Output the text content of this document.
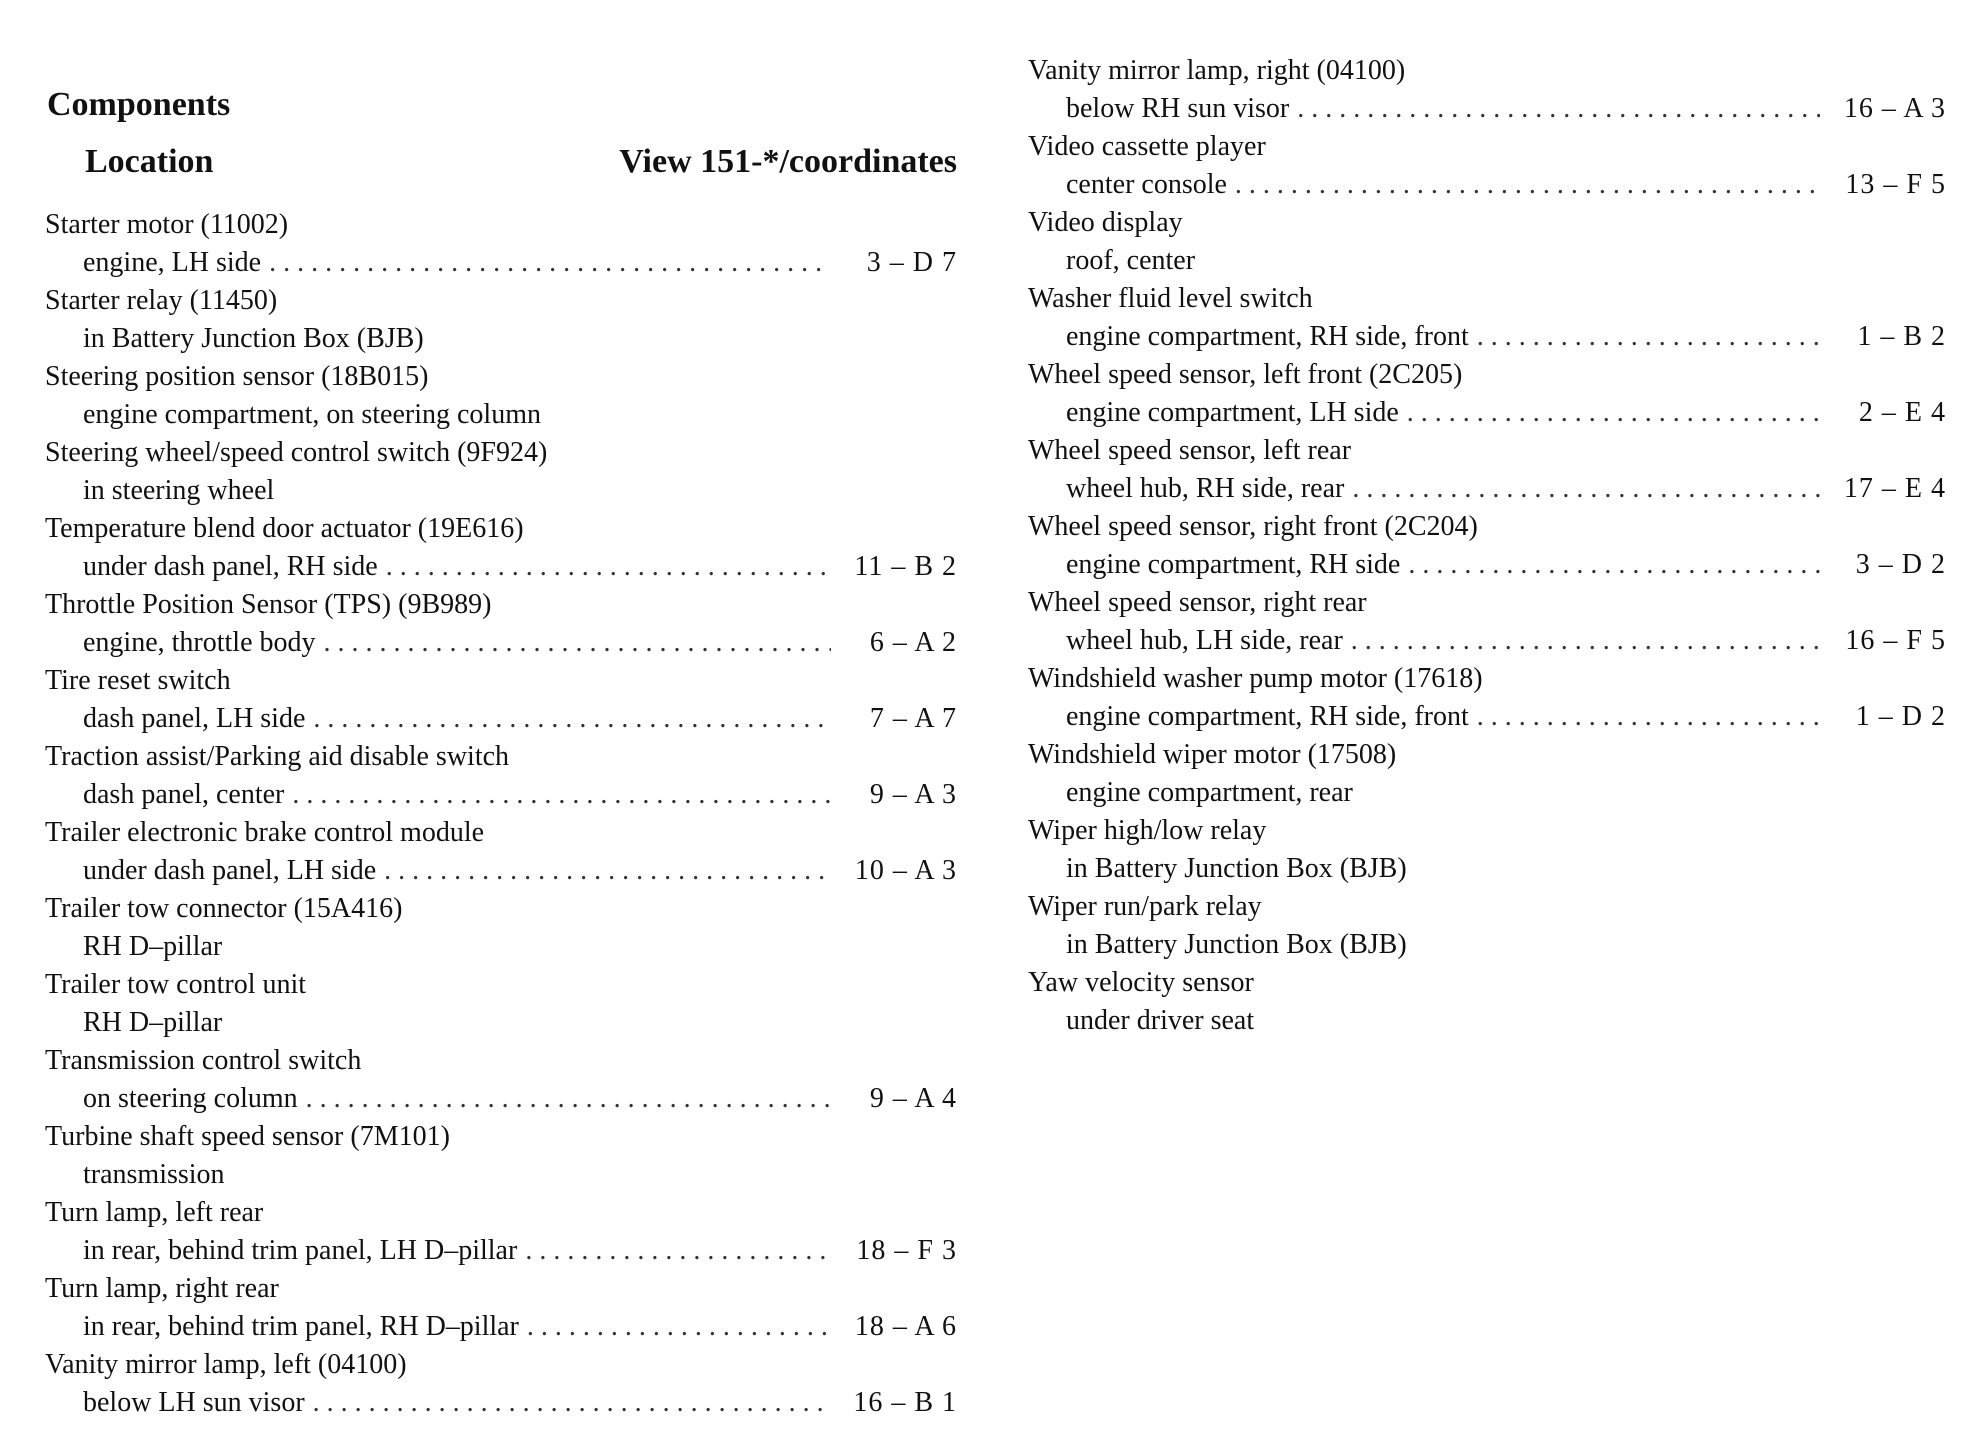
Components
Location	View 151-*/coordinates
Starter motor (11002)
engine, LH side . . .	3 – D 7
Starter relay (11450)
in Battery Junction Box (BJB)
Steering position sensor (18B015)
engine compartment, on steering column
Steering wheel/speed control switch (9F924)
in steering wheel
Temperature blend door actuator (19E616)
under dash panel, RH side . . .	11 – B 2
Throttle Position Sensor (TPS) (9B989)
engine, throttle body . . .	6 – A 2
Tire reset switch
dash panel, LH side . . .	7 – A 7
Traction assist/Parking aid disable switch
dash panel, center . . .	9 – A 3
Trailer electronic brake control module
under dash panel, LH side . . .	10 – A 3
Trailer tow connector (15A416)
RH D–pillar
Trailer tow control unit
RH D–pillar
Transmission control switch
on steering column . . .	9 – A 4
Turbine shaft speed sensor (7M101)
transmission
Turn lamp, left rear
in rear, behind trim panel, LH D–pillar . . .	18 – F 3
Turn lamp, right rear
in rear, behind trim panel, RH D–pillar . . .	18 – A 6
Vanity mirror lamp, left (04100)
below LH sun visor . . .	16 – B 1
Vanity mirror lamp, right (04100)
below RH sun visor . . .	16 – A 3
Video cassette player
center console . . .	13 – F 5
Video display
roof, center
Washer fluid level switch
engine compartment, RH side, front . . .	1 – B 2
Wheel speed sensor, left front (2C205)
engine compartment, LH side . . .	2 – E 4
Wheel speed sensor, left rear
wheel hub, RH side, rear . . .	17 – E 4
Wheel speed sensor, right front (2C204)
engine compartment, RH side . . .	3 – D 2
Wheel speed sensor, right rear
wheel hub, LH side, rear . . .	16 – F 5
Windshield washer pump motor (17618)
engine compartment, RH side, front . . .	1 – D 2
Windshield wiper motor (17508)
engine compartment, rear
Wiper high/low relay
in Battery Junction Box (BJB)
Wiper run/park relay
in Battery Junction Box (BJB)
Yaw velocity sensor
under driver seat
